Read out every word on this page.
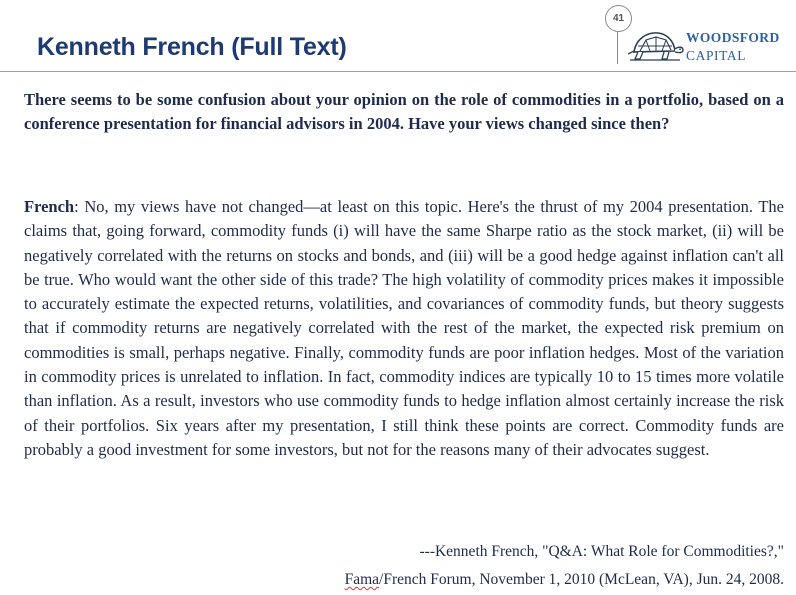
Kenneth French (Full Text)
41
WOODSFORD
CAPITAL

There seems to be some confusion about your opinion on the role of commodities in a portfolio, based on a conference presentation for financial advisors in 2004. Have your views changed since then?

French: No, my views have not changed—at least on this topic. Here's the thrust of my 2004 presentation. The claims that, going forward, commodity funds (i) will have the same Sharpe ratio as the stock market, (ii) will be negatively correlated with the returns on stocks and bonds, and (iii) will be a good hedge against inflation can't all be true. Who would want the other side of this trade? The high volatility of commodity prices makes it impossible to accurately estimate the expected returns, volatilities, and covariances of commodity funds, but theory suggests that if commodity returns are negatively correlated with the rest of the market, the expected risk premium on commodities is small, perhaps negative. Finally, commodity funds are poor inflation hedges. Most of the variation in commodity prices is unrelated to inflation. In fact, commodity indices are typically 10 to 15 times more volatile than inflation. As a result, investors who use commodity funds to hedge inflation almost certainly increase the risk of their portfolios. Six years after my presentation, I still think these points are correct. Commodity funds are probably a good investment for some investors, but not for the reasons many of their advocates suggest.

---Kenneth French, "Q&A: What Role for Commodities?,"

Fama/French Forum, November 1, 2010 (McLean, VA), Jun. 24, 2008.
